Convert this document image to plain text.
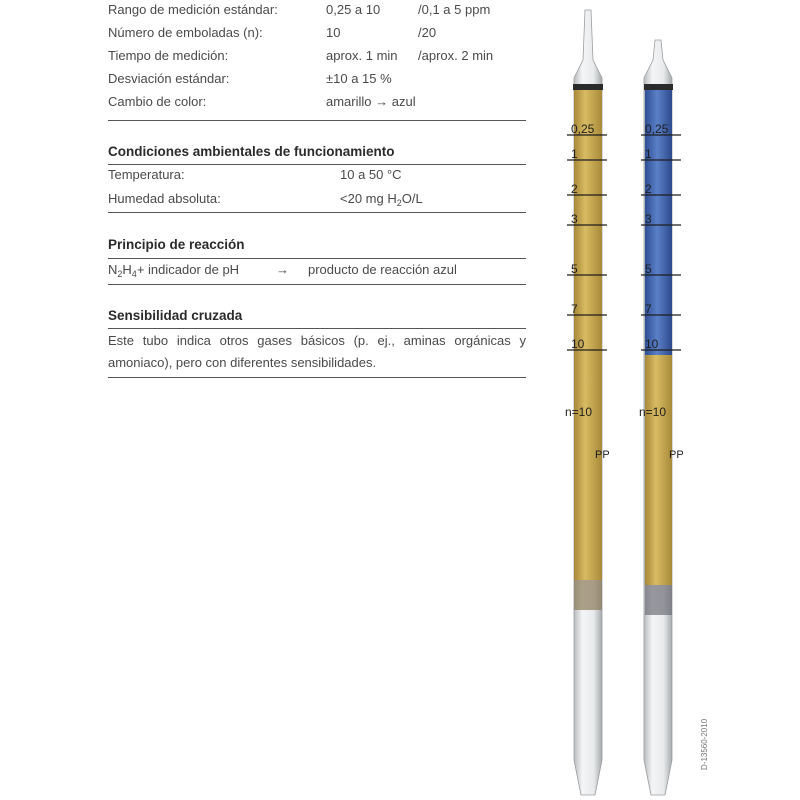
Rango de medición estándar:	0,25 a 10	/0,1 a 5 ppm
Número de emboladas (n):	10	/20
Tiempo de medición:	aprox. 1 min /aprox. 2 min
Desviación estándar:	±10 a 15 %
Cambio de color:	amarillo → azul
Condiciones ambientales de funcionamiento
Temperatura:	10 a 50 °C
Humedad absoluta:	<20 mg $H_2O/L$
Principio de reacción
$N_2H_4+$ indicador de pH	→ producto de reacción azul
Sensibilidad cruzada
Este tubo indica otros gases básicos (p. ej., aminas orgánicas y amoniaco), pero con diferentes sensibilidades.
0,25
1
2
3
5
7
10
n=10
PP
0,25
1
2
3
5
7
10
n=10
PP
D-13560-2010
